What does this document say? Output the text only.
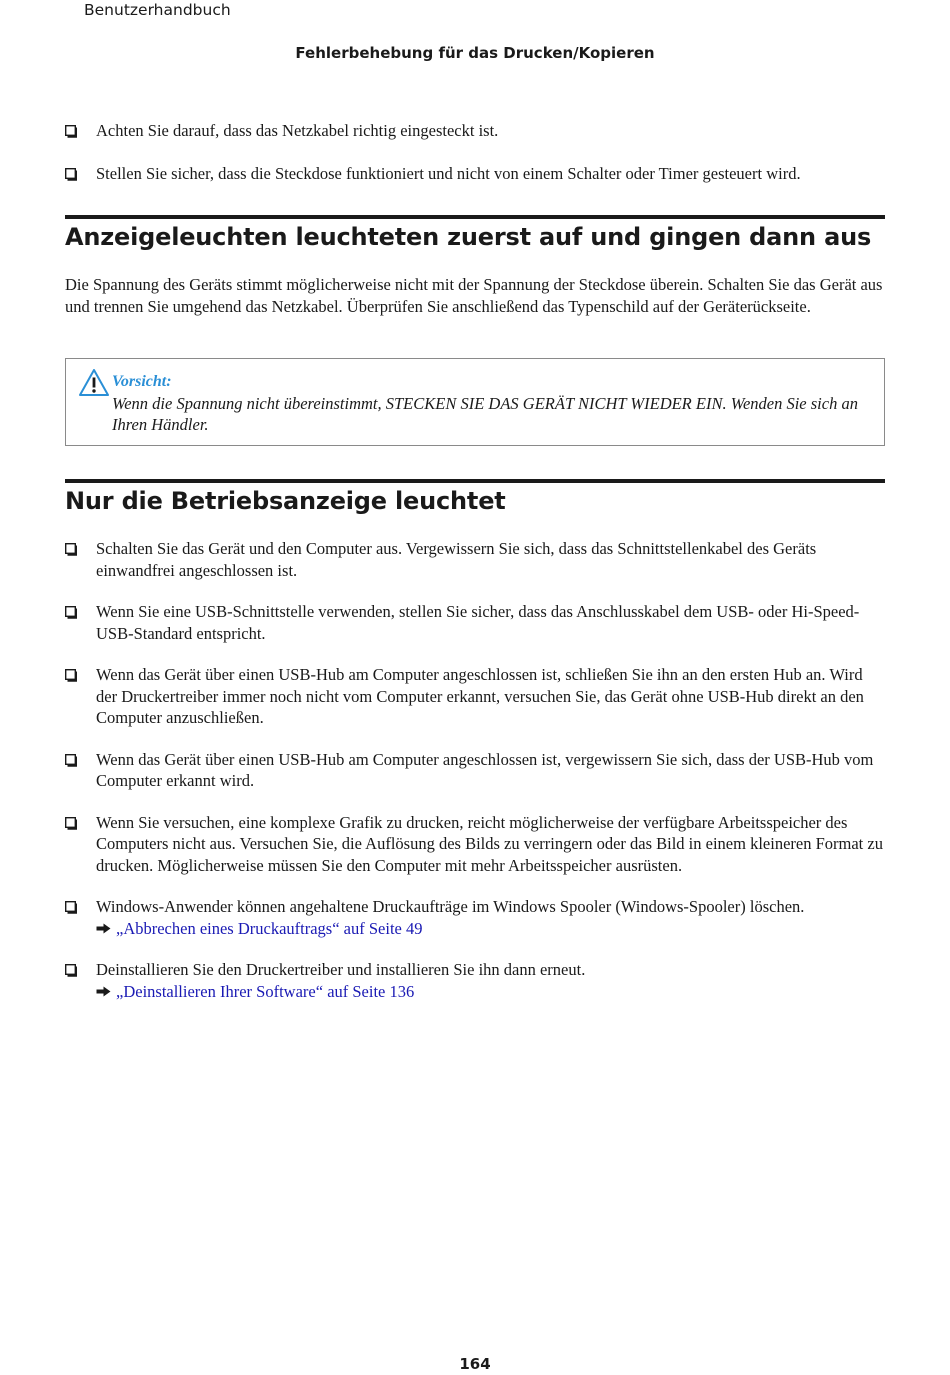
Benutzerhandbuch
Fehlerbehebung für das Drucken/Kopieren
Achten Sie darauf, dass das Netzkabel richtig eingesteckt ist.
Stellen Sie sicher, dass die Steckdose funktioniert und nicht von einem Schalter oder Timer gesteuert wird.
Anzeigeleuchten leuchteten zuerst auf und gingen dann aus

Die Spannung des Geräts stimmt möglicherweise nicht mit der Spannung der Steckdose überein. Schalten Sie das Gerät aus und trennen Sie umgehend das Netzkabel. Überprüfen Sie anschließend das Typenschild auf der Geräterückseite.

Vorsicht:

Wenn die Spannung nicht übereinstimmt, STECKEN SIE DAS GERÄT NICHT WIEDER EIN. Wenden Sie sich an Ihren Händler.

Nur die Betriebsanzeige leuchtet
Schalten Sie das Gerät und den Computer aus. Vergewissern Sie sich, dass das Schnittstellenkabel des Geräts einwandfrei angeschlossen ist.
Wenn Sie eine USB-Schnittstelle verwenden, stellen Sie sicher, dass das Anschlusskabel dem USB- oder Hi-Speed-USB-Standard entspricht.
Wenn das Gerät über einen USB-Hub am Computer angeschlossen ist, schließen Sie ihn an den ersten Hub an. Wird der Druckertreiber immer noch nicht vom Computer erkannt, versuchen Sie, das Gerät ohne USB-Hub direkt an den Computer anzuschließen.
Wenn das Gerät über einen USB-Hub am Computer angeschlossen ist, vergewissern Sie sich, dass der USB-Hub vom Computer erkannt wird.
Wenn Sie versuchen, eine komplexe Grafik zu drucken, reicht möglicherweise der verfügbare Arbeitsspeicher des Computers nicht aus. Versuchen Sie, die Auflösung des Bilds zu verringern oder das Bild in einem kleineren Format zu drucken. Möglicherweise müssen Sie den Computer mit mehr Arbeitsspeicher ausrüsten.
Windows-Anwender können angehaltene Druckaufträge im Windows Spooler (Windows-Spooler) löschen.
„Abbrechen eines Druckauftrags“ auf Seite 49
Deinstallieren Sie den Druckertreiber und installieren Sie ihn dann erneut.
„Deinstallieren Ihrer Software“ auf Seite 136
164
